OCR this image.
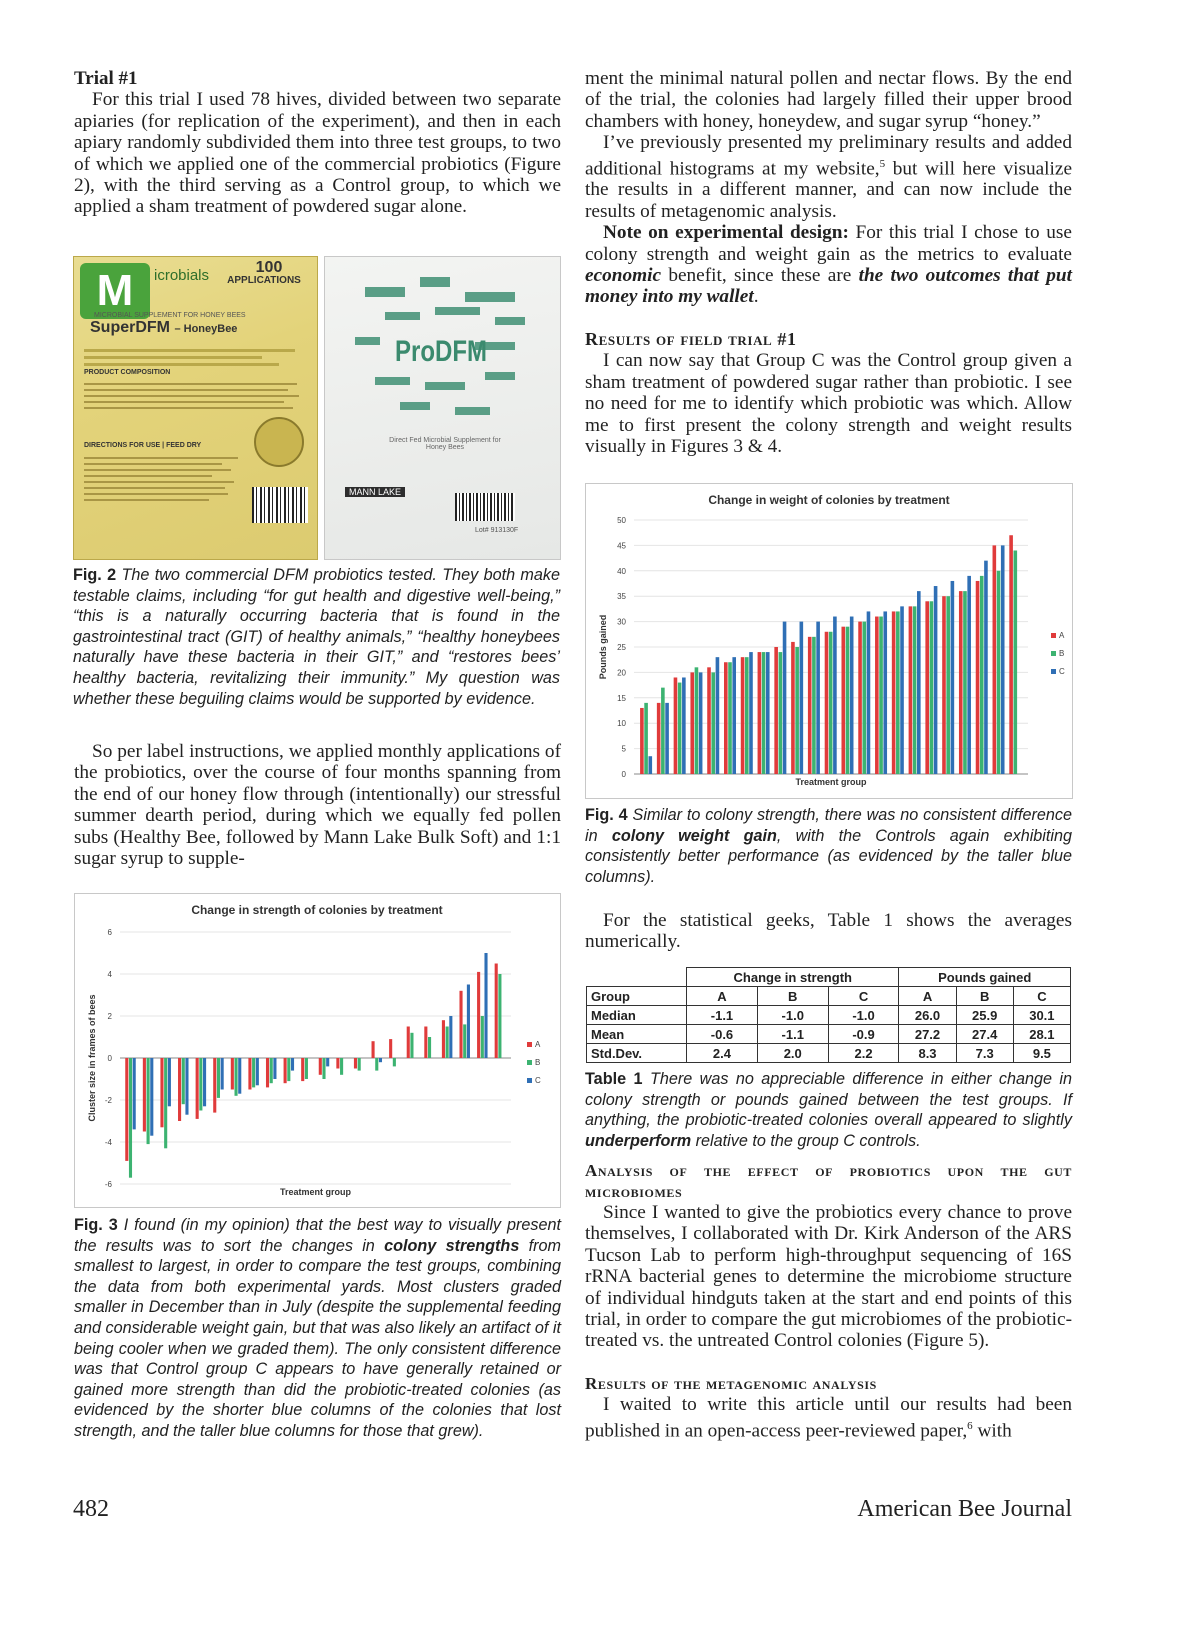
Trial #1

For this trial I used 78 hives, divided between two separate apiaries (for replication of the experiment), and then in each apiary randomly subdivided them into three test groups, to two of which we applied one of the commercial probiotics (Figure 2), with the third serving as a Control group, to which we applied a sham treatment of powdered sugar alone.

M	icrobials	100
APPLICATIONS
MICROBIAL SUPPLEMENT FOR HONEY BEES
SuperDFM – HoneyBee
PRODUCT COMPOSITION
DIRECTIONS FOR USE | FEED DRY
ProDFM
Direct Fed Microbial Supplement for Honey Bees
MANN LAKE
Lot# 913130F
Fig. 2 The two commercial DFM probiotics tested. They both make testable claims, including “for gut health and digestive well-being,” “this is a naturally occurring bacteria that is found in the gastrointestinal tract (GIT) of healthy animals,” “healthy honeybees naturally have these bacteria in their GIT,” and “restores bees’ healthy bacteria, revitalizing their immunity.” My question was whether these beguiling claims would be supported by evidence.

So per label instructions, we applied monthly applications of the probiotics, over the course of four months spanning from the end of our honey flow through (intentionally) our stressful summer dearth period, during which we equally fed pollen subs (Healthy Bee, followed by Mann Lake Bulk Soft) and 1:1 sugar syrup to supple-

Change in strength of colonies by treatment
6
4
2
0
-2
-4
-6
Treatment group
Cluster size in frames of bees	A
B
C
Fig. 3 I found (in my opinion) that the best way to visually present the results was to sort the changes in colony strengths from smallest to largest, in order to compare the test groups, combining the data from both experimental yards. Most clusters graded smaller in December than in July (despite the supplemental feeding and considerable weight gain, but that was also likely an artifact of it being cooler when we graded them). The only consistent difference was that Control group C appears to have generally retained or gained more strength than did the probiotic-treated colonies (as evidenced by the shorter blue columns of the colonies that lost strength, and the taller blue columns for those that grew).

ment the minimal natural pollen and nectar flows. By the end of the trial, the colonies had largely filled their upper brood chambers with honey, honeydew, and sugar syrup “honey.”

I’ve previously presented my preliminary results and added additional histograms at my website,$^5$ but will here visualize the results in a different manner, and can now include the results of metagenomic analysis.

Note on experimental design: For this trial I chose to use colony strength and weight gain as the metrics to evaluate economic benefit, since these are the two outcomes that put money into my wallet.

Results of field trial #1

I can now say that Group C was the Control group given a sham treatment of powdered sugar rather than probiotic. I see no need for me to identify which probiotic was which. Allow me to first present the colony strength and weight results visually in Figures 3 & 4.

Change in weight of colonies by treatment
50
45
40
35
30
25
20
15
10
5
0
Treatment group
Pounds gained	A
B
C
Fig. 4 Similar to colony strength, there was no consistent difference in colony weight gain, with the Controls again exhibiting consistently better performance (as evidenced by the taller blue columns).

For the statistical geeks, Table 1 shows the averages numerically.

	Change in strength			Pounds gained		
Group	A	B	C	A	B	C
Median	-1.1	-1.0	-1.0	26.0	25.9	30.1
Mean	-0.6	-1.1	-0.9	27.2	27.4	28.1
Std.Dev.	2.4	2.0	2.2	8.3	7.3	9.5
Table 1 There was no appreciable difference in either change in colony strength or pounds gained between the test groups. If anything, the probiotic-treated colonies overall appeared to slightly underperform relative to the group C controls.
Analysis of the effect of probiotics upon the gut microbiomes

Since I wanted to give the probiotics every chance to prove themselves, I collaborated with Dr. Kirk Anderson of the ARS Tucson Lab to perform high-throughput sequencing of 16S rRNA bacterial genes to determine the microbiome structure of individual hindguts taken at the start and end points of this trial, in order to compare the gut microbiomes of the probiotic-treated vs. the untreated Control colonies (Figure 5).

Results of the metagenomic analysis

I waited to write this article until our results had been published in an open-access peer-reviewed paper,$^6$ with

482	American Bee Journal
